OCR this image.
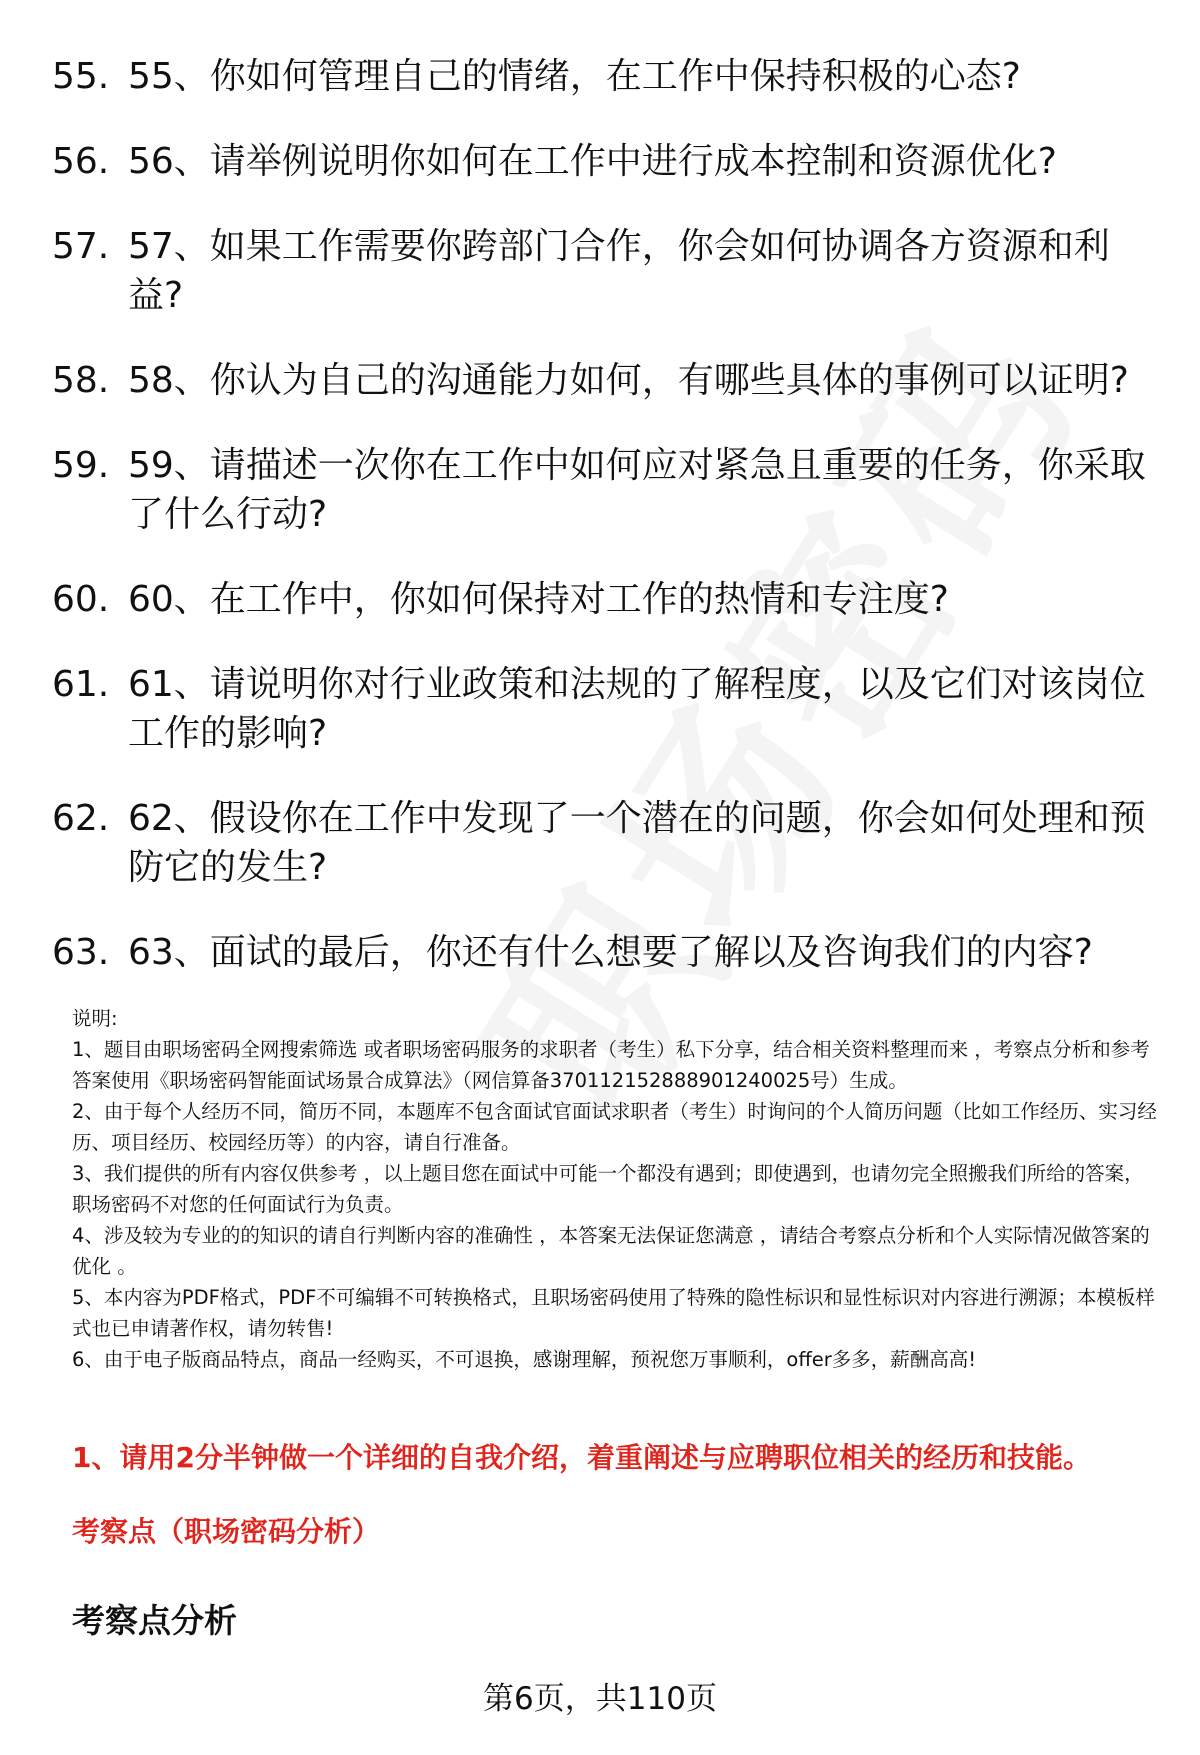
55. 55、你如何管理自己的情绪，在工作中保持积极的心态?
56. 56、请举例说明你如何在工作中进行成本控制和资源优化?
57. 57、如果工作需要你跨部门合作，你会如何协调各方资源和利益?
58. 58、你认为自己的沟通能力如何，有哪些具体的事例可以证明?
59. 59、请描述一次你在工作中如何应对紧急且重要的任务，你采取了什么行动?
60. 60、在工作中，你如何保持对工作的热情和专注度?
61. 61、请说明你对行业政策和法规的了解程度，以及它们对该岗位工作的影响?
62. 62、假设你在工作中发现了一个潜在的问题，你会如何处理和预防它的发生?
63. 63、面试的最后，你还有什么想要了解以及咨询我们的内容?
说明:
1、题目由职场密码全网搜索筛选 或者职场密码服务的求职者（考生）私下分享，结合相关资料整理而来 ，考察点分析和参考答案使用《职场密码智能面试场景合成算法》（网信算备370112152888901240025号）生成。
2、由于每个人经历不同，简历不同，本题库不包含面试官面试求职者（考生）时询问的个人简历问题（比如工作经历、实习经历、项目经历、校园经历等）的内容，请自行准备。
3、我们提供的所有内容仅供参考 ，以上题目您在面试中可能一个都没有遇到；即使遇到，也请勿完全照搬我们所给的答案，职场密码不对您的任何面试行为负责。
4、涉及较为专业的的知识的请自行判断内容的准确性 ，本答案无法保证您满意 ，请结合考察点分析和个人实际情况做答案的优化 。
5、本内容为PDF格式，PDF不可编辑不可转换格式，且职场密码使用了特殊的隐性标识和显性标识对内容进行溯源；本模板样式也已申请著作权，请勿转售!
6、由于电子版商品特点，商品一经购买，不可退换，感谢理解，预祝您万事顺利，offer多多，薪酬高高!
1、请用2分半钟做一个详细的自我介绍，着重阐述与应聘职位相关的经历和技能。
考察点（职场密码分析）
考察点分析
第6页，共110页
